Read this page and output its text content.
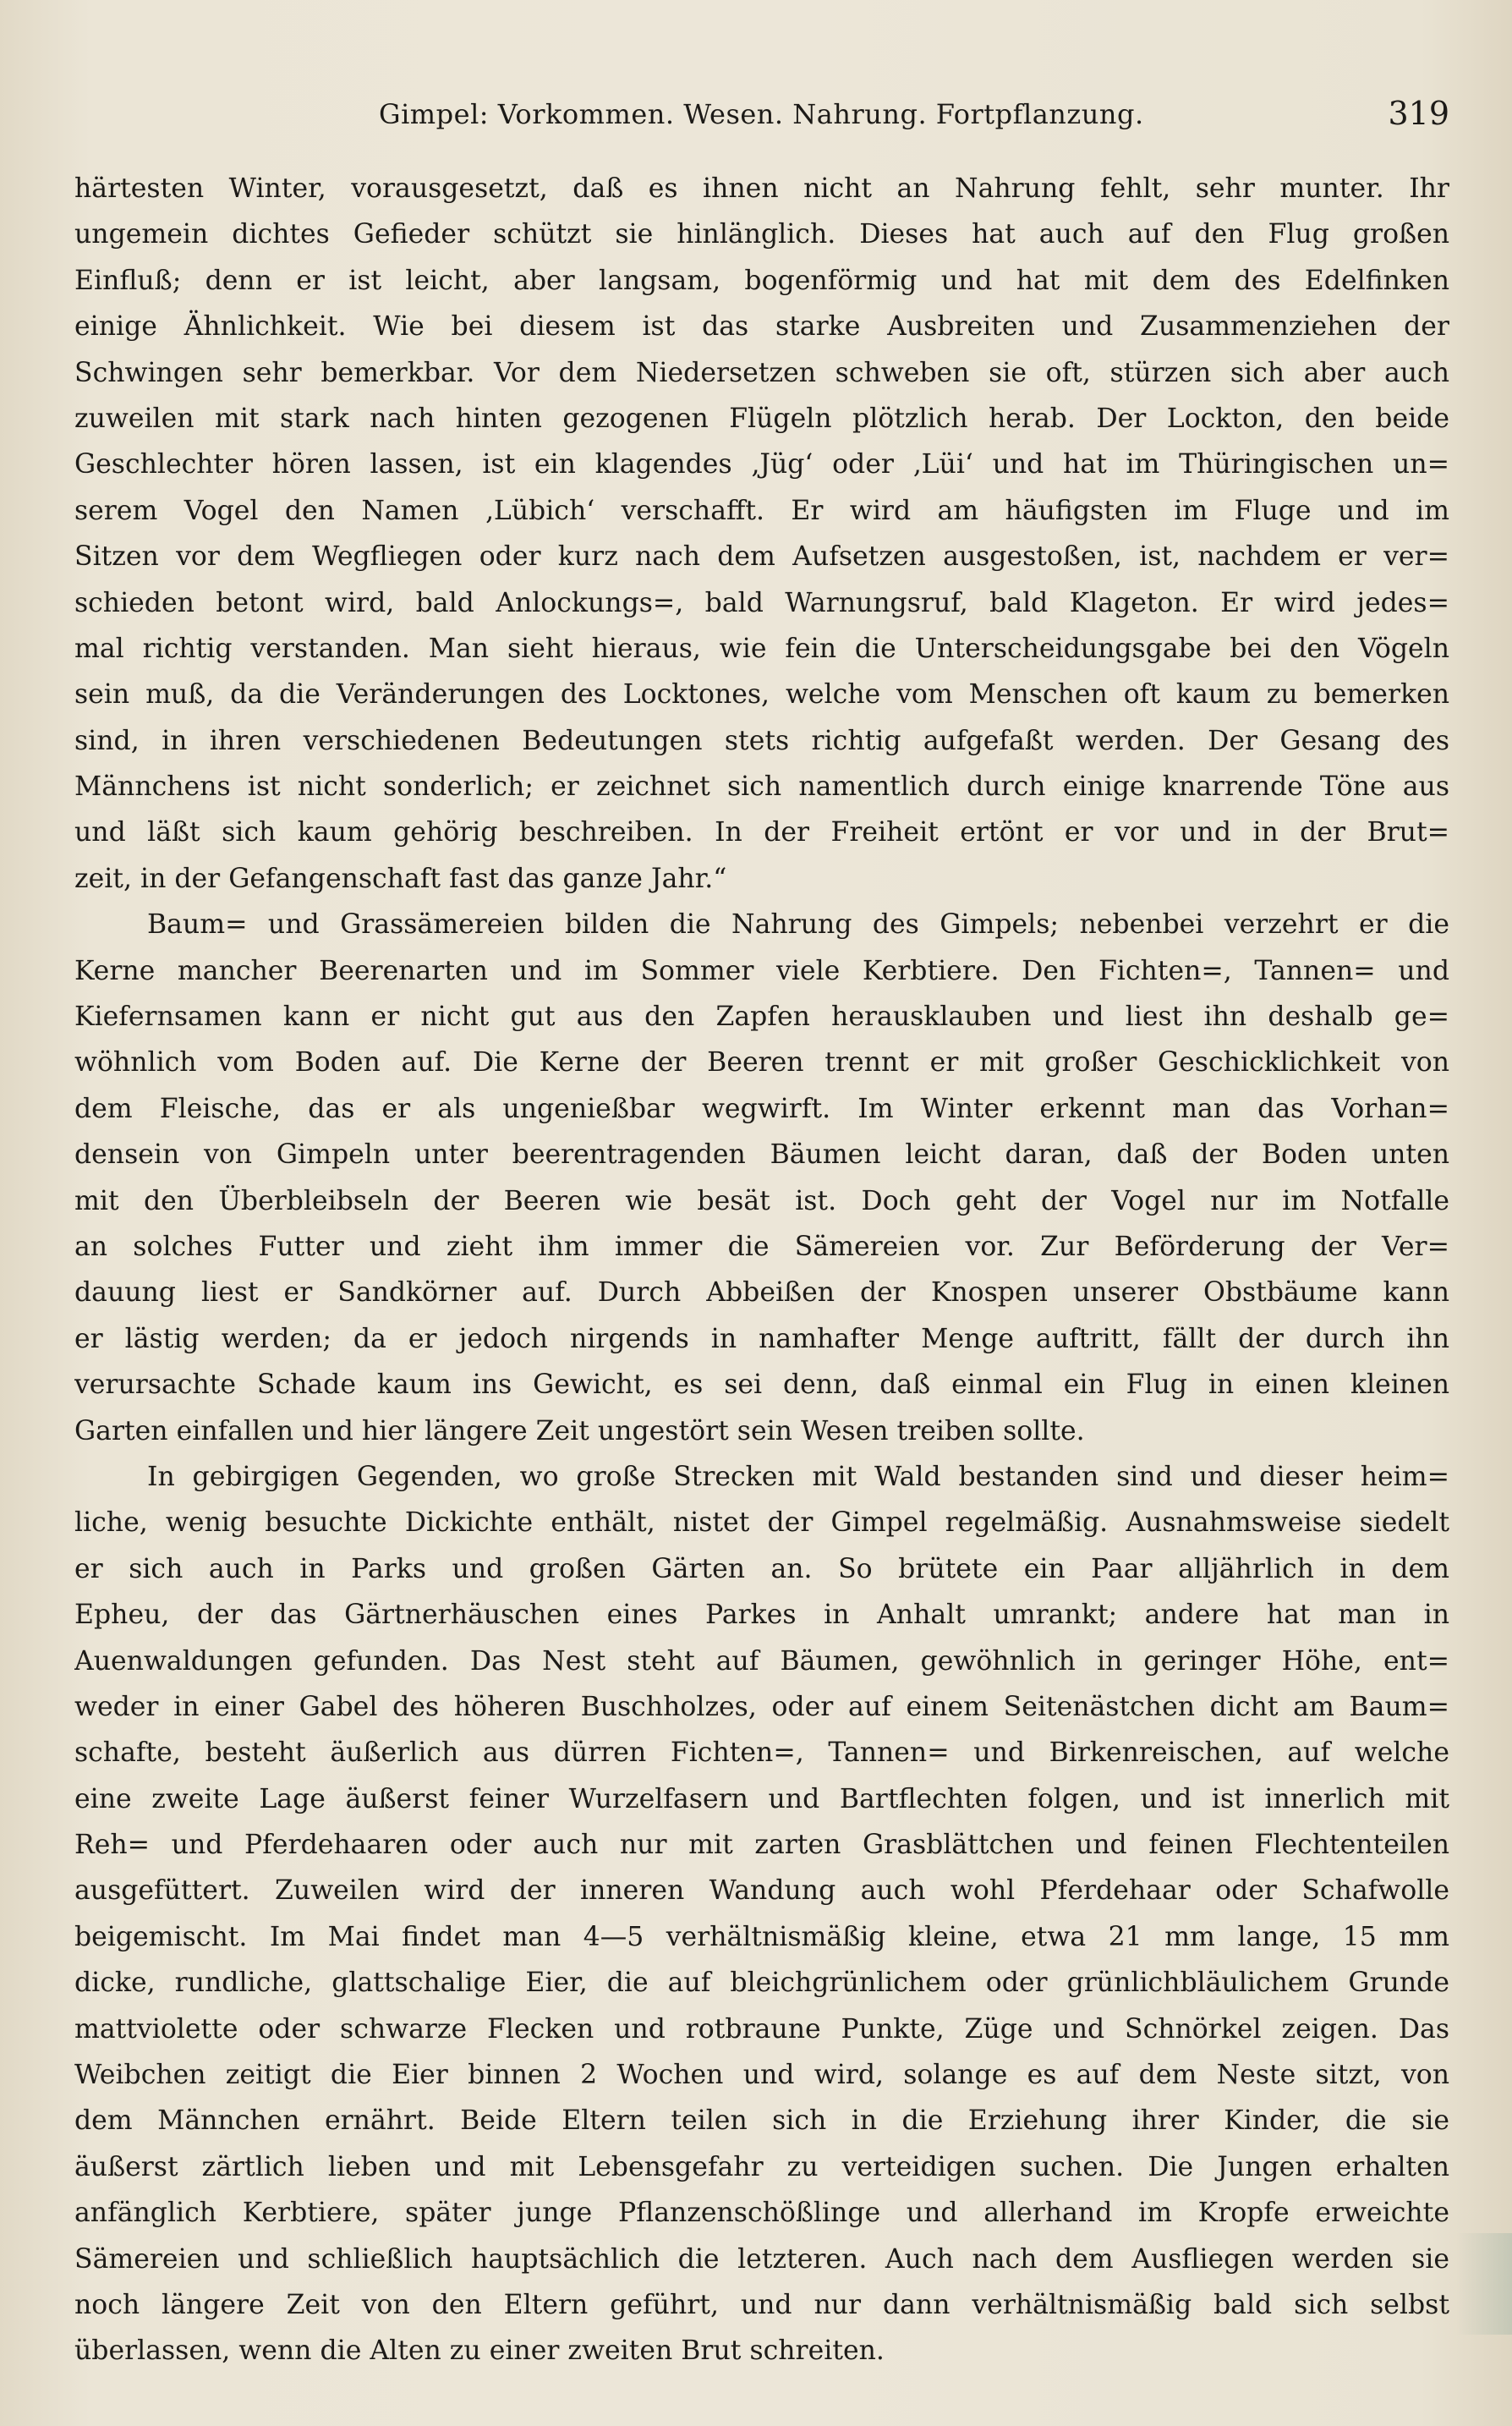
Gimpel: Vorkommen. Wesen. Nahrung. Fortpflanzung.	319
härtesten Winter, vorausgesetzt, daß es ihnen nicht an Nahrung fehlt, sehr munter. Ihr
ungemein dichtes Gefieder schützt sie hinlänglich. Dieses hat auch auf den Flug großen
Einfluß; denn er ist leicht, aber langsam, bogenförmig und hat mit dem des Edelfinken
einige Ähnlichkeit. Wie bei diesem ist das starke Ausbreiten und Zusammenziehen der
Schwingen sehr bemerkbar. Vor dem Niedersetzen schweben sie oft, stürzen sich aber auch
zuweilen mit stark nach hinten gezogenen Flügeln plötzlich herab. Der Lockton, den beide
Geschlechter hören lassen, ist ein klagendes ‚Jüg‘ oder ‚Lüi‘ und hat im Thüringischen un=
serem Vogel den Namen ‚Lübich‘ verschafft. Er wird am häufigsten im Fluge und im
Sitzen vor dem Wegfliegen oder kurz nach dem Aufsetzen ausgestoßen, ist, nachdem er ver=
schieden betont wird, bald Anlockungs=, bald Warnungsruf, bald Klageton. Er wird jedes=
mal richtig verstanden. Man sieht hieraus, wie fein die Unterscheidungsgabe bei den Vögeln
sein muß, da die Veränderungen des Locktones, welche vom Menschen oft kaum zu bemerken
sind, in ihren verschiedenen Bedeutungen stets richtig aufgefaßt werden. Der Gesang des
Männchens ist nicht sonderlich; er zeichnet sich namentlich durch einige knarrende Töne aus
und läßt sich kaum gehörig beschreiben. In der Freiheit ertönt er vor und in der Brut=
zeit, in der Gefangenschaft fast das ganze Jahr.“
Baum= und Grassämereien bilden die Nahrung des Gimpels; nebenbei verzehrt er die
Kerne mancher Beerenarten und im Sommer viele Kerbtiere. Den Fichten=, Tannen= und
Kiefernsamen kann er nicht gut aus den Zapfen herausklauben und liest ihn deshalb ge=
wöhnlich vom Boden auf. Die Kerne der Beeren trennt er mit großer Geschicklichkeit von
dem Fleische, das er als ungenießbar wegwirft. Im Winter erkennt man das Vorhan=
densein von Gimpeln unter beerentragenden Bäumen leicht daran, daß der Boden unten
mit den Überbleibseln der Beeren wie besät ist. Doch geht der Vogel nur im Notfalle
an solches Futter und zieht ihm immer die Sämereien vor. Zur Beförderung der Ver=
dauung liest er Sandkörner auf. Durch Abbeißen der Knospen unserer Obstbäume kann
er lästig werden; da er jedoch nirgends in namhafter Menge auftritt, fällt der durch ihn
verursachte Schade kaum ins Gewicht, es sei denn, daß einmal ein Flug in einen kleinen
Garten einfallen und hier längere Zeit ungestört sein Wesen treiben sollte.
In gebirgigen Gegenden, wo große Strecken mit Wald bestanden sind und dieser heim=
liche, wenig besuchte Dickichte enthält, nistet der Gimpel regelmäßig. Ausnahmsweise siedelt
er sich auch in Parks und großen Gärten an. So brütete ein Paar alljährlich in dem
Epheu, der das Gärtnerhäuschen eines Parkes in Anhalt umrankt; andere hat man in
Auenwaldungen gefunden. Das Nest steht auf Bäumen, gewöhnlich in geringer Höhe, ent=
weder in einer Gabel des höheren Buschholzes, oder auf einem Seitenästchen dicht am Baum=
schafte, besteht äußerlich aus dürren Fichten=, Tannen= und Birkenreischen, auf welche
eine zweite Lage äußerst feiner Wurzelfasern und Bartflechten folgen, und ist innerlich mit
Reh= und Pferdehaaren oder auch nur mit zarten Grasblättchen und feinen Flechtenteilen
ausgefüttert. Zuweilen wird der inneren Wandung auch wohl Pferdehaar oder Schafwolle
beigemischt. Im Mai findet man 4—5 verhältnismäßig kleine, etwa 21 mm lange, 15 mm
dicke, rundliche, glattschalige Eier, die auf bleichgrünlichem oder grünlichbläulichem Grunde
mattviolette oder schwarze Flecken und rotbraune Punkte, Züge und Schnörkel zeigen. Das
Weibchen zeitigt die Eier binnen 2 Wochen und wird, solange es auf dem Neste sitzt, von
dem Männchen ernährt. Beide Eltern teilen sich in die Erziehung ihrer Kinder, die sie
äußerst zärtlich lieben und mit Lebensgefahr zu verteidigen suchen. Die Jungen erhalten
anfänglich Kerbtiere, später junge Pflanzenschößlinge und allerhand im Kropfe erweichte
Sämereien und schließlich hauptsächlich die letzteren. Auch nach dem Ausfliegen werden sie
noch längere Zeit von den Eltern geführt, und nur dann verhältnismäßig bald sich selbst
überlassen, wenn die Alten zu einer zweiten Brut schreiten.
